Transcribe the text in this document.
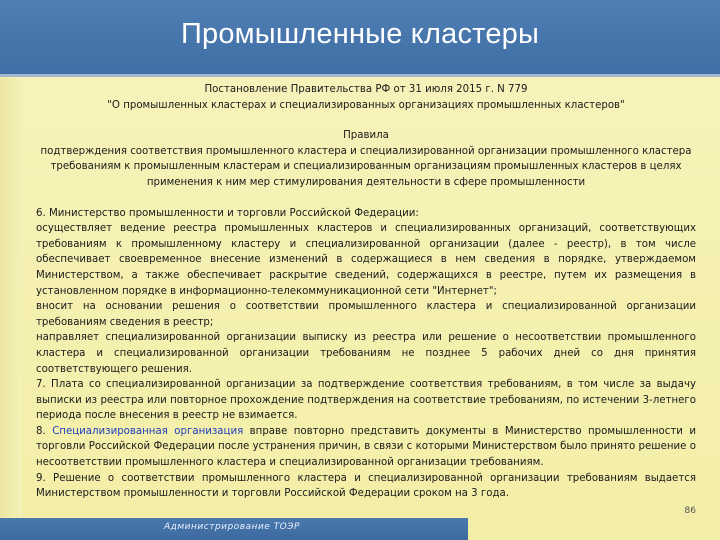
Промышленные кластеры
Постановление Правительства РФ от 31 июля 2015 г. N 779
"О промышленных кластерах и специализированных организациях промышленных кластеров"
Правила
подтверждения соответствия промышленного кластера и специализированной организации промышленного кластера требованиям к промышленным кластерам и специализированным организациям промышленных кластеров в целях применения к ним мер стимулирования деятельности в сфере промышленности

6. Министерство промышленности и торговли Российской Федерации:

осуществляет ведение реестра промышленных кластеров и специализированных организаций, соответствующих требованиям к промышленному кластеру и специализированной организации (далее - реестр), в том числе обеспечивает своевременное внесение изменений в содержащиеся в нем сведения в порядке, утверждаемом Министерством, а также обеспечивает раскрытие сведений, содержащихся в реестре, путем их размещения в установленном порядке в информационно-телекоммуникационной сети "Интернет";

вносит на основании решения о соответствии промышленного кластера и специализированной организации требованиям сведения в реестр;

направляет специализированной организации выписку из реестра или решение о несоответствии промышленного кластера и специализированной организации требованиям не позднее 5 рабочих дней со дня принятия соответствующего решения.

7. Плата со специализированной организации за подтверждение соответствия требованиям, в том числе за выдачу выписки из реестра или повторное прохождение подтверждения на соответствие требованиям, по истечении 3-летнего периода после внесения в реестр не взимается.

8. Специализированная организация вправе повторно представить документы в Министерство промышленности и торговли Российской Федерации после устранения причин, в связи с которыми Министерством было принято решение о несоответствии промышленного кластера и специализированной организации требованиям.

9. Решение о соответствии промышленного кластера и специализированной организации требованиям выдается Министерством промышленности и торговли Российской Федерации сроком на 3 года.

86
Администрирование ТОЭР
